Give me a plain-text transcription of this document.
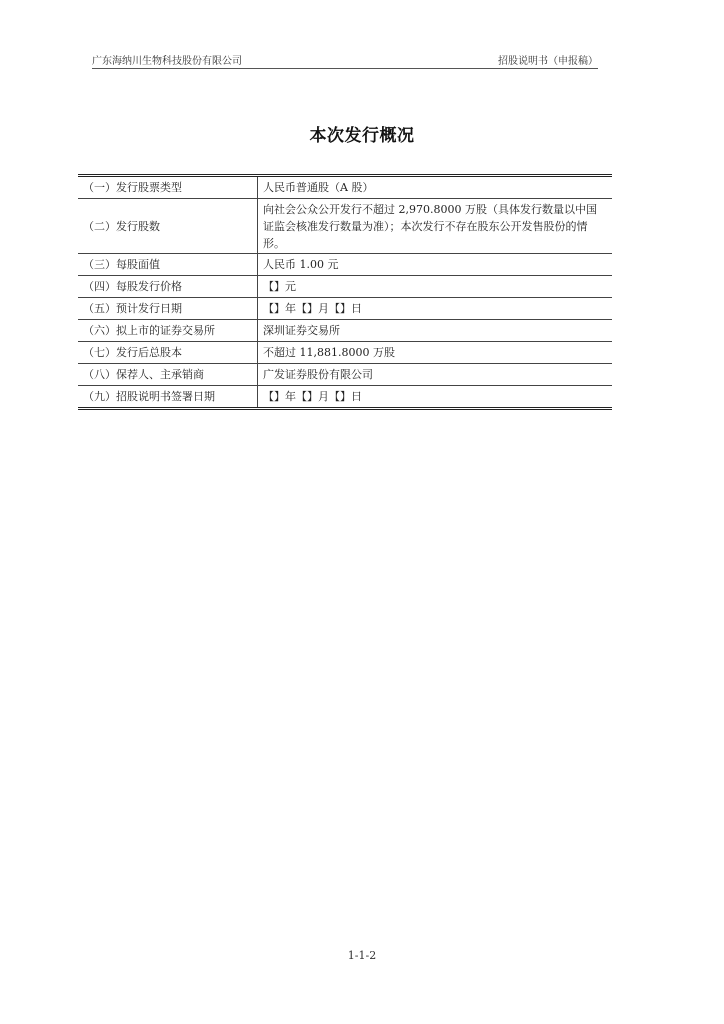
广东海纳川生物科技股份有限公司	招股说明书（申报稿）
本次发行概况
（一）发行股票类型	人民币普通股（A 股）
（二）发行股数	向社会公众公开发行不超过 2,970.8000 万股（具体发行数量以中国证监会核准发行数量为准）；本次发行不存在股东公开发售股份的情形。
（三）每股面值	人民币 1.00 元
（四）每股发行价格	【】元
（五）预计发行日期	【】年【】月【】日
（六）拟上市的证券交易所	深圳证券交易所
（七）发行后总股本	不超过 11,881.8000 万股
（八）保荐人、主承销商	广发证券股份有限公司
（九）招股说明书签署日期	【】年【】月【】日
1-1-2
